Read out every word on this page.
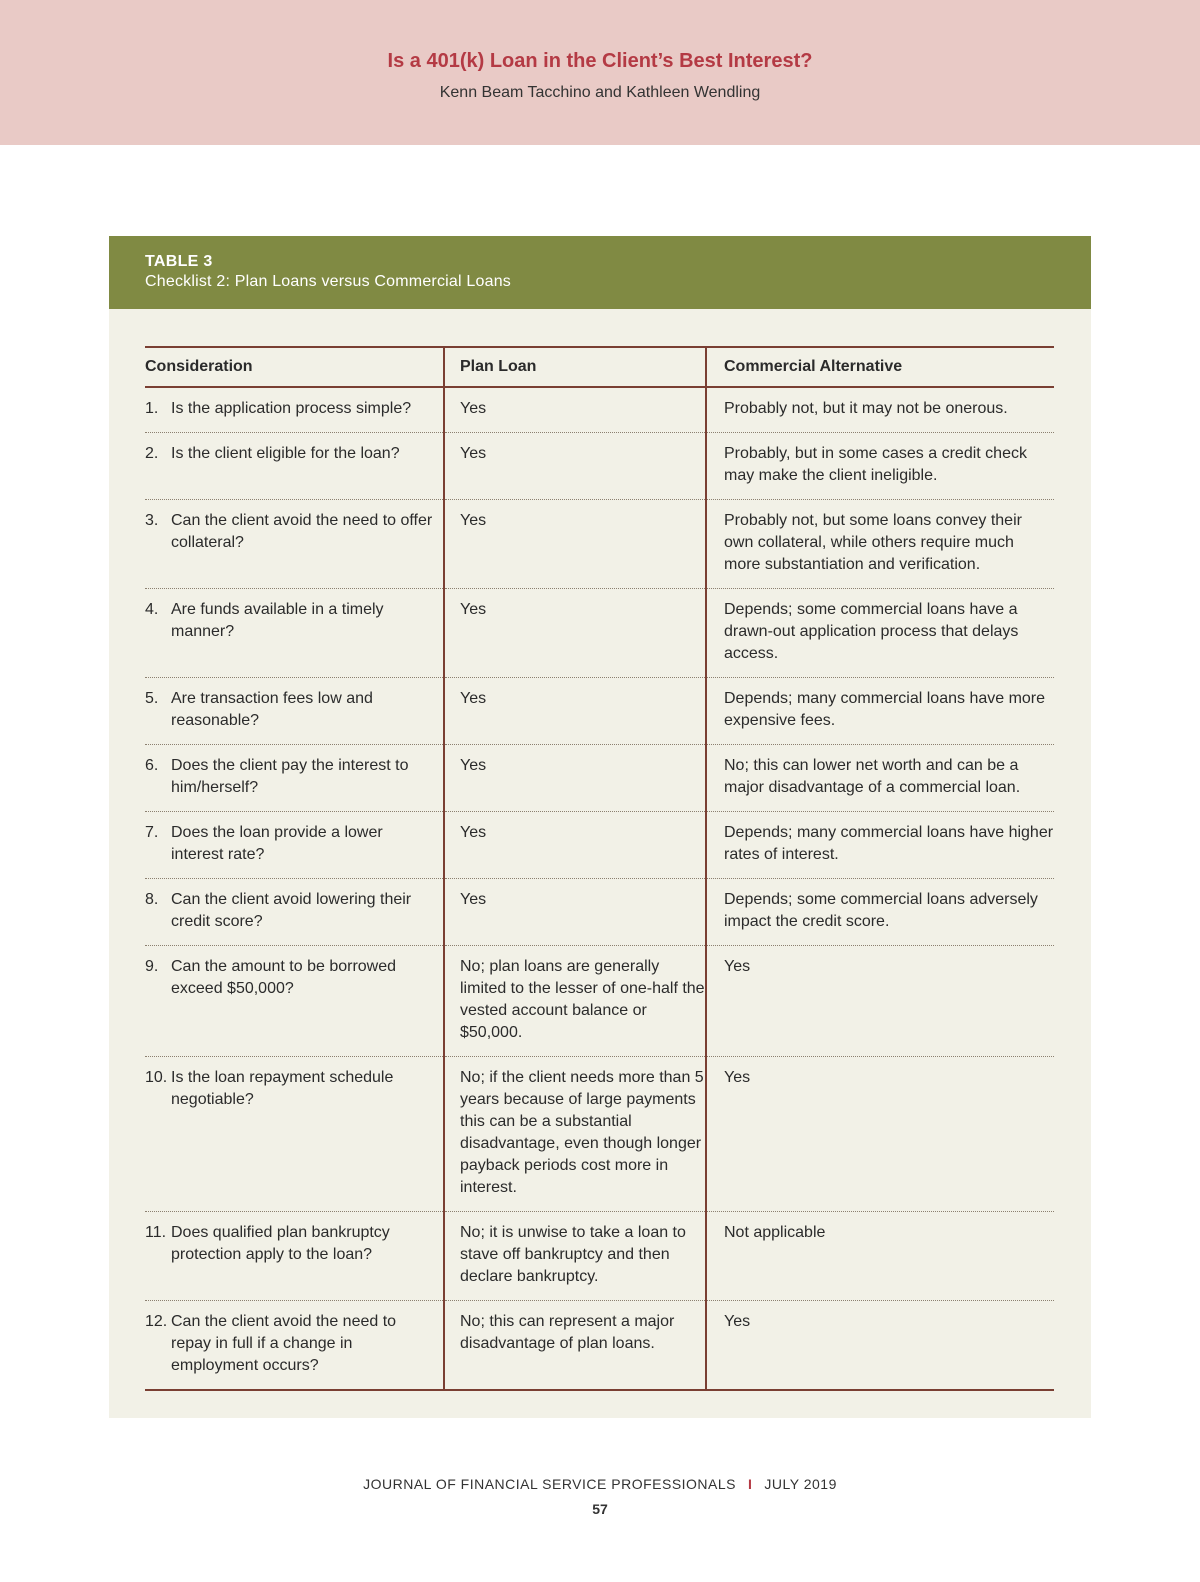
Is a 401(k) Loan in the Client’s Best Interest?
Kenn Beam Tacchino and Kathleen Wendling
TABLE 3
Checklist 2: Plan Loans versus Commercial Loans
Consideration	Plan Loan	Commercial Alternative

1. Is the application process simple?	Yes	Probably not, but it may not be onerous.

2. Is the client eligible for the loan?	Yes	Probably, but in some cases a credit check may make the client ineligible.

3. Can the client avoid the need to offer collateral?	Yes	Probably not, but some loans convey their own collateral, while others require much more substantiation and verification.

4. Are funds available in a timely manner?	Yes	Depends; some commercial loans have a drawn-out application process that delays access.

5. Are transaction fees low and reasonable?	Yes	Depends; many commercial loans have more expensive fees.

6. Does the client pay the interest to him/herself?	Yes	No; this can lower net worth and can be a major disadvantage of a commercial loan.

7. Does the loan provide a lower interest rate?	Yes	Depends; many commercial loans have higher rates of interest.

8. Can the client avoid lowering their credit score?	Yes	Depends; some commercial loans adversely impact the credit score.

9. Can the amount to be borrowed exceed $50,000?	No; plan loans are generally limited to the lesser of one-half the vested account balance or $50,000.	Yes

10. Is the loan repayment schedule negotiable?	No; if the client needs more than 5 years because of large payments this can be a substantial disadvantage, even though longer payback periods cost more in interest.	Yes

11. Does qualified plan bankruptcy protection apply to the loan?	No; it is unwise to take a loan to stave off bankruptcy and then declare bankruptcy.	Not applicable

12. Can the client avoid the need to repay in full if a change in employment occurs?	No; this can represent a major disadvantage of plan loans.	Yes
JOURNAL OF FINANCIAL SERVICE PROFESSIONALS I JULY 2019
57
